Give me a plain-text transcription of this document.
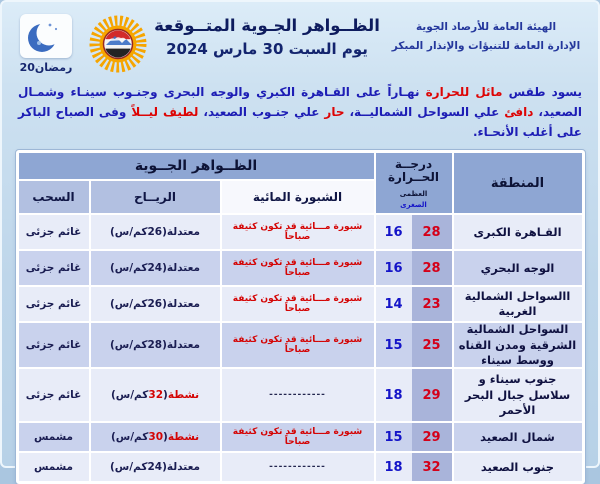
الهيئة العامة للأرصاد الجوية
الإدارة العامة للتنبؤات والإنذار المبكر
الظــواهر الجـوية المتــوقعة
يوم السبت 30 مارس 2024
رمضان20
يسود طقس مائل للحرارة نهـاراً على القـاهرة الكبري والوجه البحرى وجنـوب سينـاء وشمـال الصعيد، دافئ علي السواحل الشماليــة، حار علي جنـوب الصعيد، لطيف ليــلاً وفى الصباح الباكر على أغلب الأنحـاء.
المنطقة
درجــة
الحــرارة العظمى
الصغرى
الظــواهر الجــوية
الشبورة المائية
الريــاح
السحب
القـاهرة الكبرى
28
16
شبورة مـــائية قد تكون كثيفة صباحاً
معتدلة
(
26
كم/س)
غائم جزئى
الوجه البحري
28
16
شبورة مـــائية قد تكون كثيفة صباحاً
معتدلة
(
24
كم/س)
غائم جزئى
االسواحل الشمالية الغربية
23
14
شبورة مـــائية قد تكون كثيفة صباحاً
معتدلة
(
26
كم/س)
غائم جزئى
السواحل الشمالية الشرقية ومدن القناه ووسط سيناء
25
15
شبورة مـــائية قد تكون كثيفة صباحاً
معتدلة
(
28
كم/س)
غائم جزئى
جنوب سيناء و سلاسل جبال البحر الأحمر
29
18
------------
نشطة
(
32
كم/س)
غائم جزئى
شمال الصعيد
29
15
شبورة مـــائية قد تكون كثيفة صباحاً
نشطة
(
30
كم/س)
مشمس
جنوب الصعيد
32
18
------------
معتدلة
(
24
كم/س)
مشمس
